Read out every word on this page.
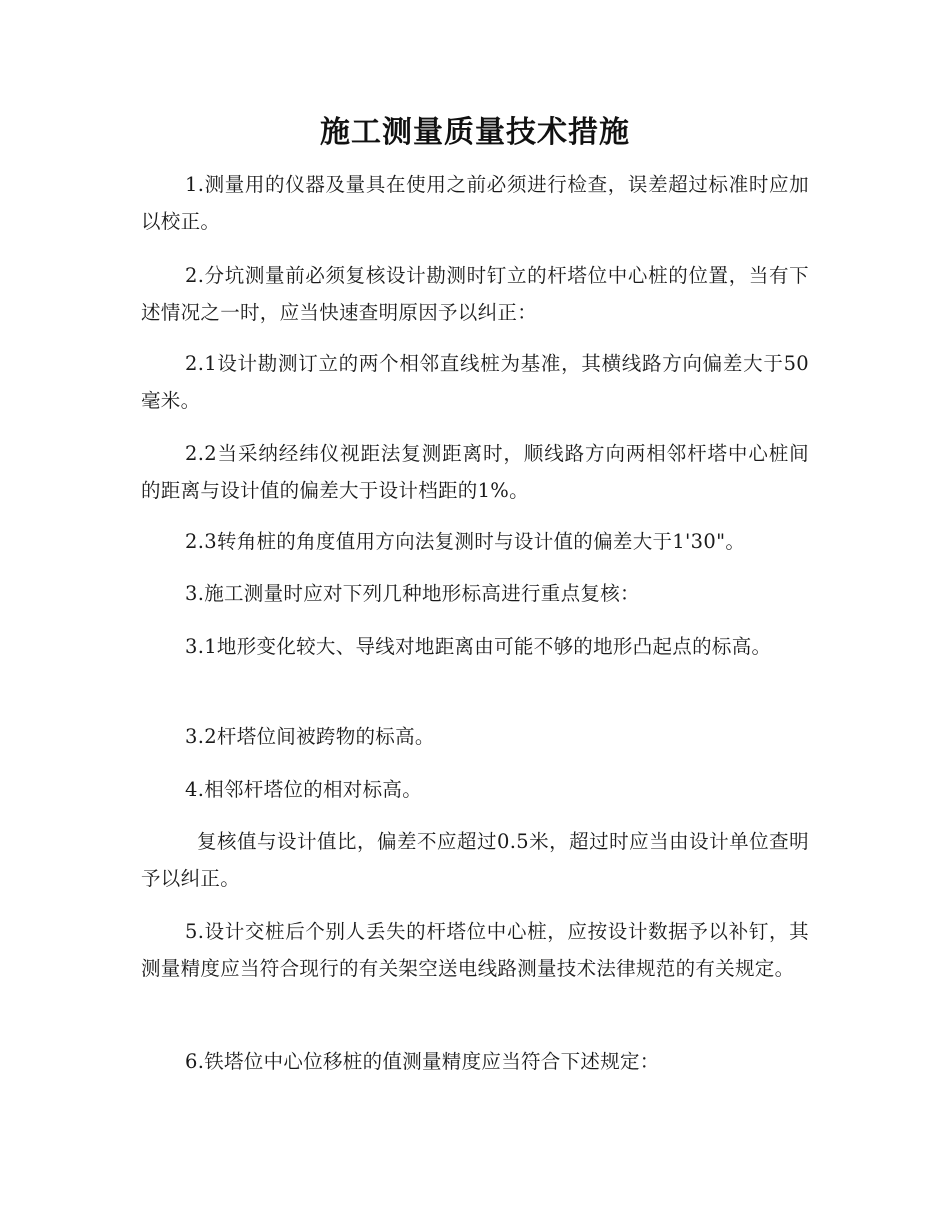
施工测量质量技术措施

1.测量用的仪器及量具在使用之前必须进行检查，误差超过标准时应加以校正。

2.分坑测量前必须复核设计勘测时钉立的杆塔位中心桩的位置，当有下述情况之一时，应当快速查明原因予以纠正：

2.1设计勘测订立的两个相邻直线桩为基准，其横线路方向偏差大于50毫米。

2.2当采纳经纬仪视距法复测距离时，顺线路方向两相邻杆塔中心桩间的距离与设计值的偏差大于设计档距的1%。

2.3转角桩的角度值用方向法复测时与设计值的偏差大于1'30"。

3.施工测量时应对下列几种地形标高进行重点复核：

3.1地形变化较大、导线对地距离由可能不够的地形凸起点的标高。

3.2杆塔位间被跨物的标高。

4.相邻杆塔位的相对标高。

复核值与设计值比，偏差不应超过0.5米，超过时应当由设计单位查明予以纠正。

5.设计交桩后个别人丢失的杆塔位中心桩，应按设计数据予以补钉，其测量精度应当符合现行的有关架空送电线路测量技术法律规范的有关规定。

6.铁塔位中心位移桩的值测量精度应当符合下述规定：
